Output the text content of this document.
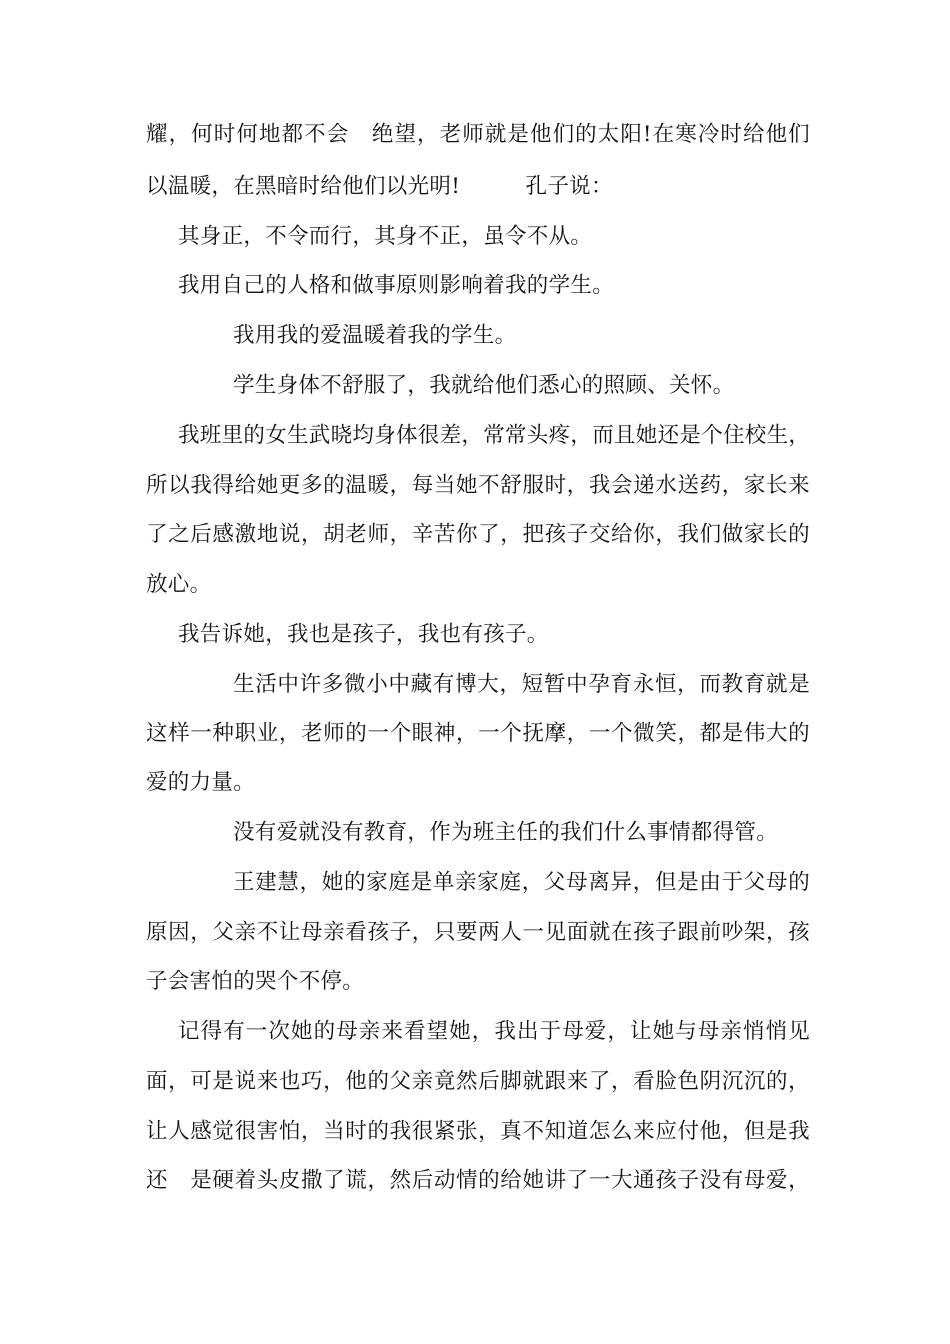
耀，何时何地都不会　绝望，老师就是他们的太阳!在寒冷时给他们
以温暖，在黑暗时给他们以光明!　　　孔子说：
其身正，不令而行，其身不正，虽令不从。
我用自己的人格和做事原则影响着我的学生。
我用我的爱温暖着我的学生。
学生身体不舒服了，我就给他们悉心的照顾、关怀。
我班里的女生武晓均身体很差，常常头疼，而且她还是个住校生，
所以我得给她更多的温暖，每当她不舒服时，我会递水送药，家长来
了之后感激地说，胡老师，辛苦你了，把孩子交给你，我们做家长的
放心。
我告诉她，我也是孩子，我也有孩子。
生活中许多微小中藏有博大，短暂中孕育永恒，而教育就是
这样一种职业，老师的一个眼神，一个抚摩，一个微笑，都是伟大的
爱的力量。
没有爱就没有教育，作为班主任的我们什么事情都得管。
王建慧，她的家庭是单亲家庭，父母离异，但是由于父母的
原因，父亲不让母亲看孩子，只要两人一见面就在孩子跟前吵架，孩
子会害怕的哭个不停。
记得有一次她的母亲来看望她，我出于母爱，让她与母亲悄悄见
面，可是说来也巧，他的父亲竟然后脚就跟来了，看脸色阴沉沉的，
让人感觉很害怕，当时的我很紧张，真不知道怎么来应付他，但是我
还　是硬着头皮撒了谎，然后动情的给她讲了一大通孩子没有母爱，
